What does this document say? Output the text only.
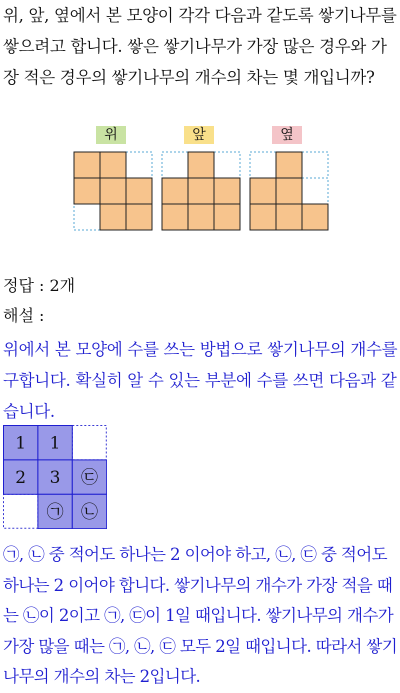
위, 앞, 옆에서 본 모양이 각각 다음과 같도록 쌓기나무를 쌓으려고 합니다. 쌓은 쌓기나무가 가장 많은 경우와 가장 적은 경우의 쌓기나무의 개수의 차는 몇 개입니까?
위	앞	옆
정답 : 2개
해설 :
위에서 본 모양에 수를 쓰는 방법으로 쌓기나무의 개수를 구합니다. 확실히 알 수 있는 부분에 수를 쓰면 다음과 같습니다.
1 1
2 3 ㉢
㉠ ㉡
㉠, ㉡ 중 적어도 하나는 2 이어야 하고, ㉡, ㉢ 중 적어도 하나는 2 이어야 합니다. 쌓기나무의 개수가 가장 적을 때는 ㉡이 2이고 ㉠, ㉢이 1일 때입니다. 쌓기나무의 개수가 가장 많을 때는 ㉠, ㉡, ㉢ 모두 2일 때입니다. 따라서 쌓기나무의 개수의 차는 2입니다.
